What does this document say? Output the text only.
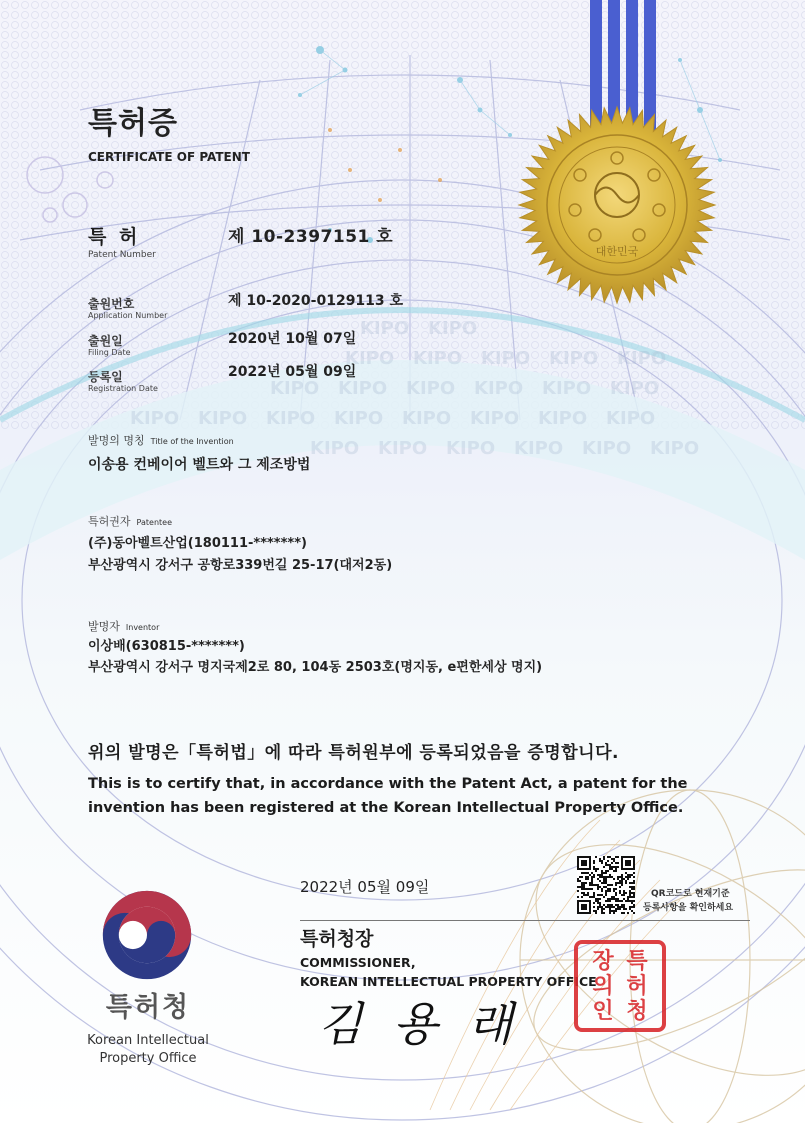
대한민국
KIPO KIPO
KIPO KIPO KIPO KIPO KIPO
KIPO KIPO KIPO KIPO KIPO KIPO
KIPO KIPO KIPO KIPO KIPO KIPO KIPO KIPO
KIPO KIPO KIPO KIPO KIPO KIPO
특허증
CERTIFICATE OF PATENT
특 허
Patent Number
제 10-2397151 호
출원번호
Application Number
제 10-2020-0129113 호
출원일
Filing Date
2020년 10월 07일
등록일
Registration Date
2022년 05월 09일
발명의 명칭 Title of the Invention
이송용 컨베이어 벨트와 그 제조방법
특허권자 Patentee
(주)동아벨트산업(180111-*******)
부산광역시 강서구 공항로339번길 25-17(대저2동)
발명자 Inventor
이상배(630815-*******)
부산광역시 강서구 명지국제2로 80, 104동 2503호(명지동, e편한세상 명지)
위의 발명은「특허법」에 따라 특허원부에 등록되었음을 증명합니다.
This is to certify that, in accordance with the Patent Act, a patent for the
invention has been registered at the Korean Intellectual Property Office.
2022년 05월 09일	QR코드로 현재기준
등록사항을 확인하세요
특허청장
COMMISSIONER,
KOREAN INTELLECTUAL PROPERTY OFFICE
김 용 래
특
허
청
장
의
인
특허청
Korean Intellectual
Property Office
